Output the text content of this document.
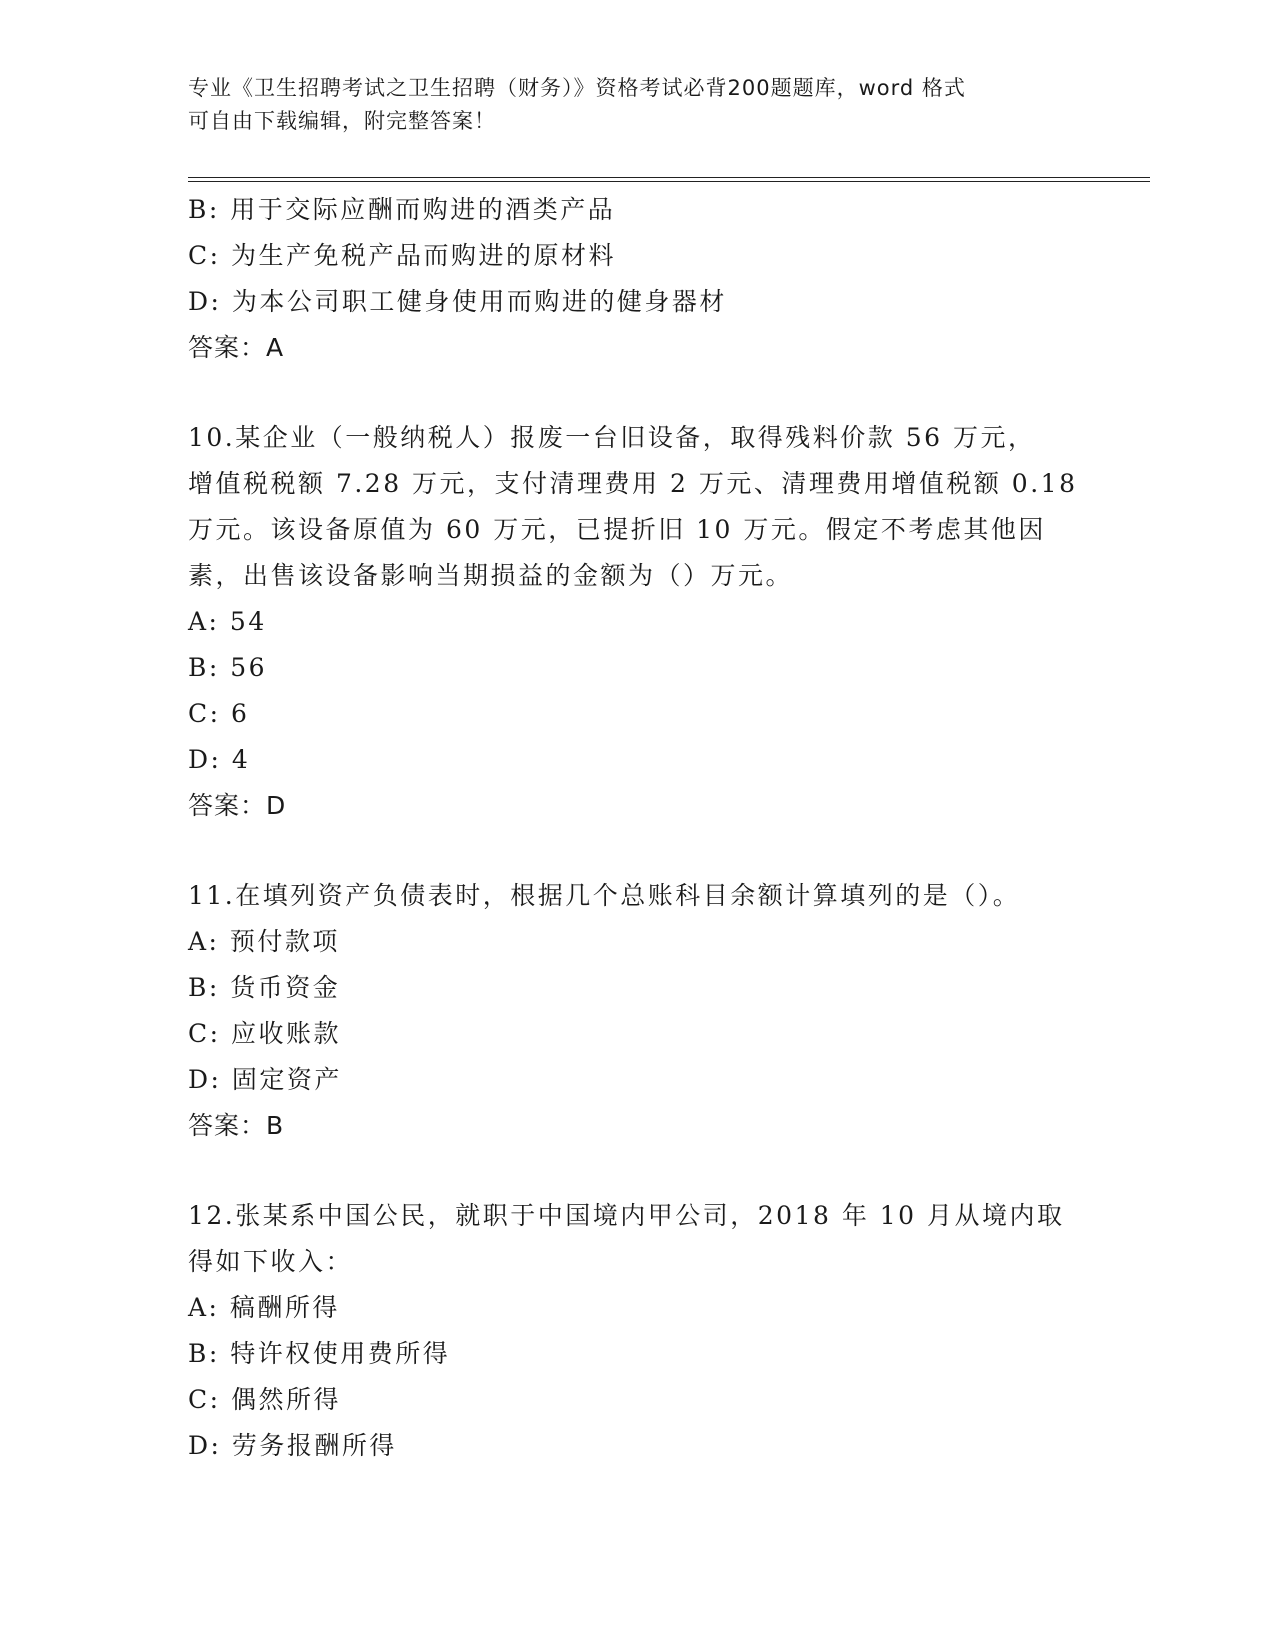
专业《卫生招聘考试之卫生招聘（财务）》资格考试必背200题题库，word 格式
可自由下载编辑，附完整答案！
B: 用于交际应酬而购进的酒类产品
C: 为生产免税产品而购进的原材料
D: 为本公司职工健身使用而购进的健身器材
答案：A
10.某企业（一般纳税人）报废一台旧设备，取得残料价款 56 万元，
增值税税额 7.28 万元，支付清理费用 2 万元、清理费用增值税额 0.18
万元。该设备原值为 60 万元，已提折旧 10 万元。假定不考虑其他因
素，出售该设备影响当期损益的金额为（）万元。
A: 54
B: 56
C: 6
D: 4
答案：D
11.在填列资产负债表时，根据几个总账科目余额计算填列的是（）。
A: 预付款项
B: 货币资金
C: 应收账款
D: 固定资产
答案：B
12.张某系中国公民，就职于中国境内甲公司，2018 年 10 月从境内取
得如下收入：
A: 稿酬所得
B: 特许权使用费所得
C: 偶然所得
D: 劳务报酬所得
